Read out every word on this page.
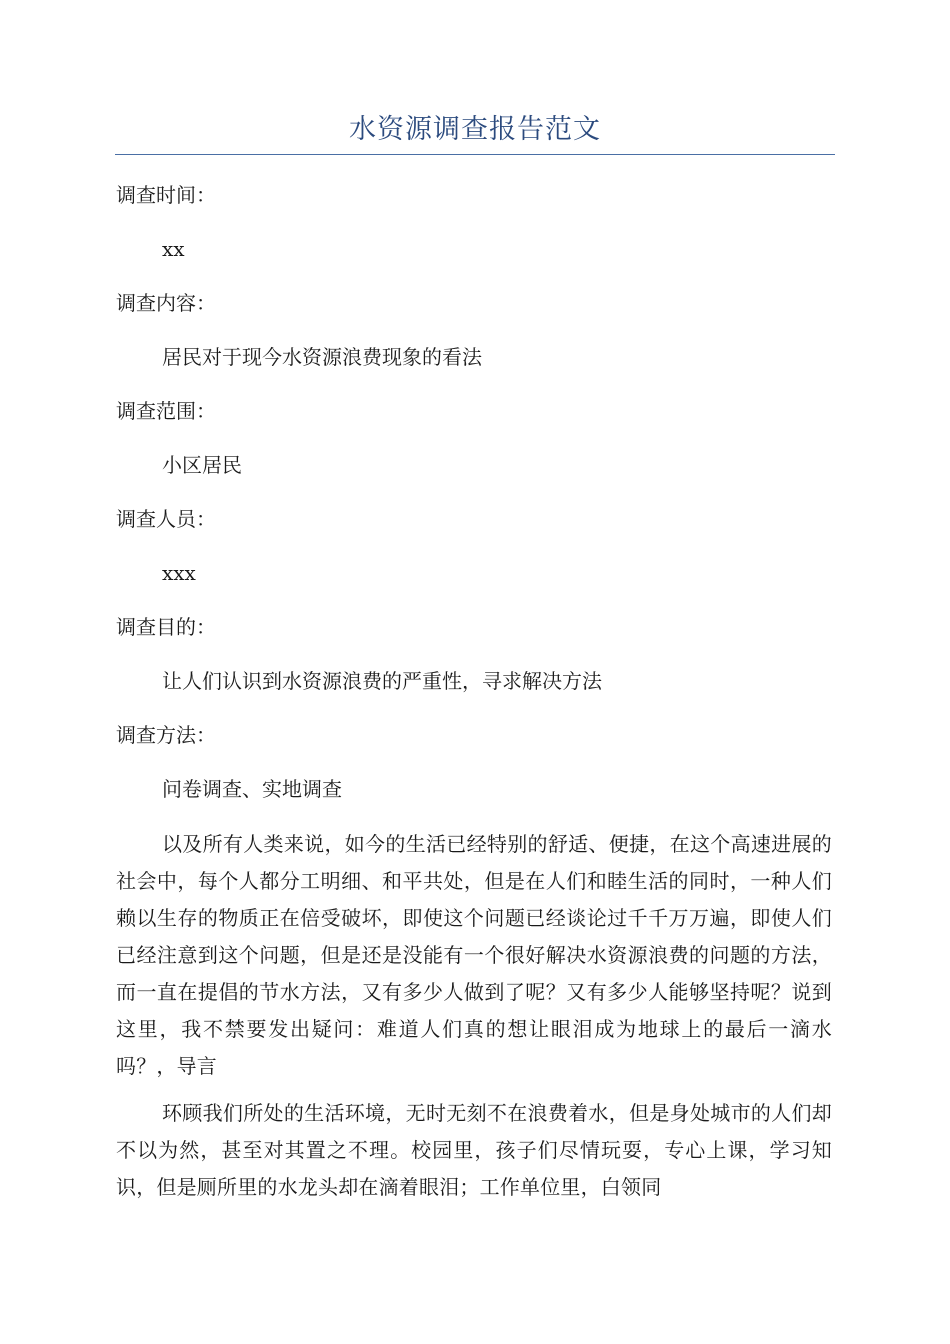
水资源调查报告范文
调查时间：
xx
调查内容：
居民对于现今水资源浪费现象的看法
调查范围：
小区居民
调查人员：
xxx
调查目的：
让人们认识到水资源浪费的严重性，寻求解决方法
调查方法：
问卷调查、实地调查

以及所有人类来说，如今的生活已经特别的舒适、便捷，在这个高速进展的社会中，每个人都分工明细、和平共处，但是在人们和睦生活的同时，一种人们赖以生存的物质正在倍受破坏，即使这个问题已经谈论过千千万万遍，即使人们已经注意到这个问题，但是还是没能有一个很好解决水资源浪费的问题的方法，而一直在提倡的节水方法，又有多少人做到了呢？又有多少人能够坚持呢？说到这里，我不禁要发出疑问：难道人们真的想让眼泪成为地球上的最后一滴水吗？，导言

环顾我们所处的生活环境，无时无刻不在浪费着水，但是身处城市的人们却不以为然，甚至对其置之不理。校园里，孩子们尽情玩耍，专心上课，学习知识，但是厕所里的水龙头却在滴着眼泪；工作单位里，白领同
